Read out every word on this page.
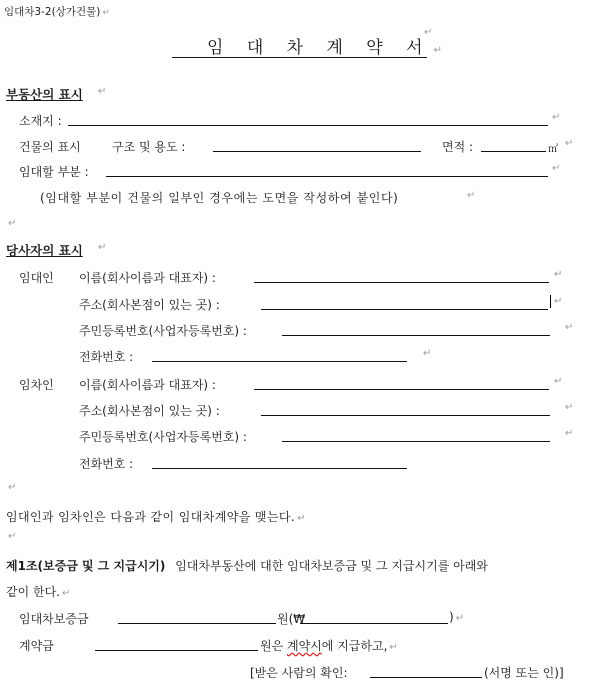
임대차3-2(상가건물) ↵
임 대 차 계 약 서 ↵
↵
부동산의 표시 ↵
소재지 :	↵
건물의 표시	구조 및 용도 :	면적 :	㎡
↵
임대할 부분 :	↵
(임대할 부분이 건물의 일부인 경우에는 도면을 작성하여 붙인다)	↵
↵
당사자의 표시 ↵
임대인 이름(회사이름과 대표자) :	↵
주소(회사본점이 있는 곳) :	↵
주민등록번호(사업자등록번호) :	↵
전화번호 :	↵
임차인 이름(회사이름과 대표자) :	↵
주소(회사본점이 있는 곳) :	↵
주민등록번호(사업자등록번호) :	↵
전화번호 :
↵
임대인과 임차인은 다음과 같이 임대차계약을 맺는다. ↵
↵
제1조(보증금 및 그 지급시기) 임대차부동산에 대한 임대차보증금 및 그 지급시기를 아래와
같이 한다. ↵
임대차보증금	원(₩	) ↵
계약금	원은 계약시에 지급하고, ↵
[받은 사람의 확인:	(서명 또는 인)]
